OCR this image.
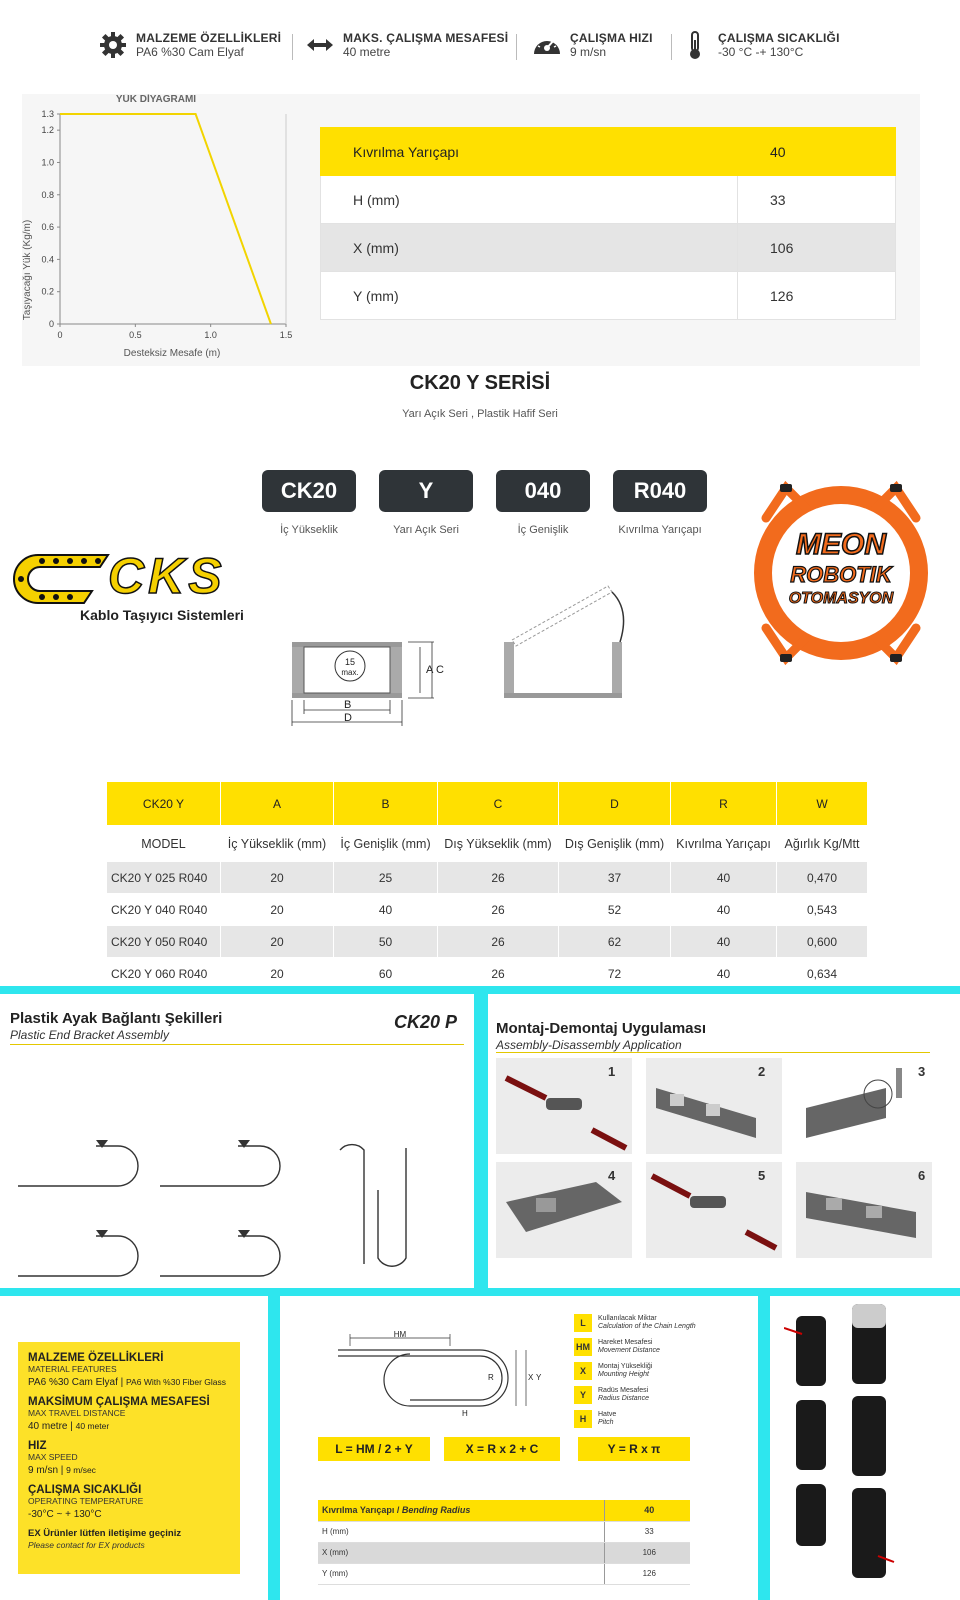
MALZEME ÖZELLİKLERİ
PA6 %30 Cam Elyaf
MAKS. ÇALIŞMA MESAFESİ
40 metre
ÇALIŞMA HIZI
9 m/sn
ÇALIŞMA SICAKLIĞI
-30 °C -+ 130°C
YÜK DİYAGRAMI
Desteksiz Mesafe (m)
Taşıyacağı Yük (Kg/m)
0
0.2
0.4
0.6
0.8
1.0
1.2
1.3
0	0.5	1.0	1.5
Kıvrılma Yarıçapı	40
H (mm)	33
X (mm)	106
Y (mm)	126
CK20 Y SERİSİ
Yarı Açık Seri , Plastik Hafif Seri
CK20	Y	040	R040
İç Yükseklik	Yarı Açık Seri	İç Genişlik	Kıvrılma Yarıçapı
CKS
Kablo Taşıyıcı Sistemleri
MEON
ROBOTIK
OTOMASYON
15
max.	A C
B
D
CK20 Y	A	B	C	D	R	W
MODEL	İç Yükseklik (mm)	İç Genişlik (mm)	Dış Yükseklik (mm)	Dış Genişlik (mm)	Kıvrılma Yarıçapı	Ağırlık Kg/Mtt
CK20 Y 025 R040	20	25	26	37	40	0,470
CK20 Y 040 R040	20	40	26	52	40	0,543
CK20 Y 050 R040	20	50	26	62	40	0,600
CK20 Y 060 R040	20	60	26	72	40	0,634
Plastik Ayak Bağlantı Şekilleri
Plastic End Bracket Assembly
CK20 P	Montaj-Demontaj Uygulaması
Assembly-Disassembly Application
1	2	3
4	5	6
MALZEME ÖZELLİKLERİ
MATERIAL FEATURES
PA6 %30 Cam Elyaf | PA6 With %30 Fiber Glass
MAKSİMUM ÇALIŞMA MESAFESİ
MAX TRAVEL DISTANCE
40 metre | 40 meter
HIZ
MAX SPEED
9 m/sn | 9 m/sec
ÇALIŞMA SICAKLIĞI
OPERATING TEMPERATURE
-30°C ~ + 130°C
EX Ürünler lütfen iletişime geçiniz
Please contact for EX products
HM
H
R	X Y
L	Kullanılacak Miktar
Calculation of the Chain Length
HM Hareket Mesafesi
Movement Distance
X	Montaj Yüksekliği
Mounting Height
Y	Radüs Mesafesi
Radius Distance
H	Hatve
Pitch
L = HM / 2 + Y	X = R x 2 + C	Y = R x π
Kıvrılma Yarıçapı / Bending Radius	40
H (mm)	33
X (mm)	106
Y (mm)	126
